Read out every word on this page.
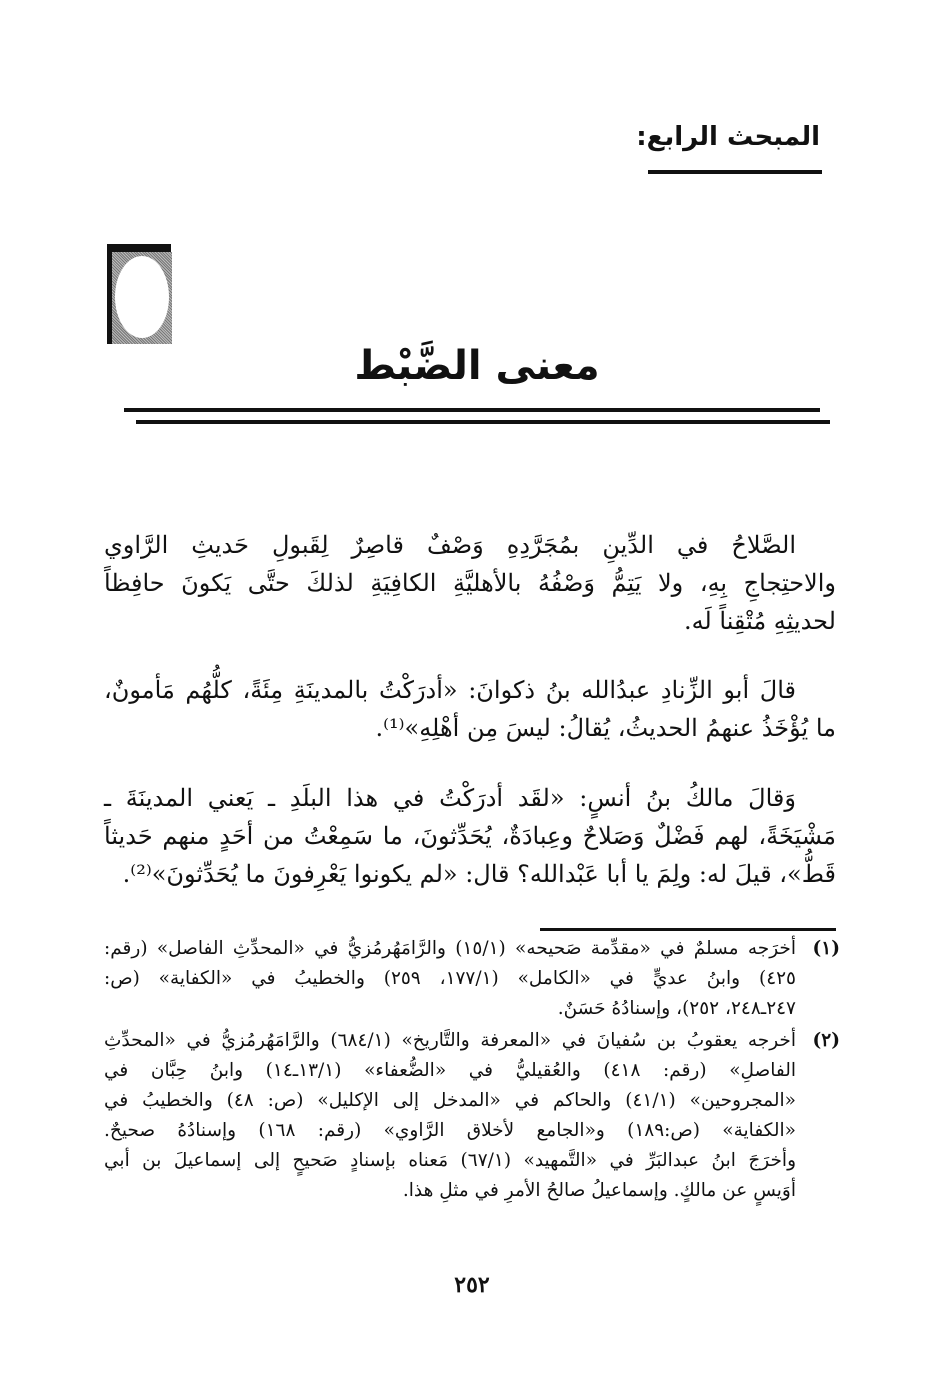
المبحث الرابع:
معنى الضَّبْط
الصَّلاحُ في الدِّينِ بمُجَرَّدِهِ وَصْفٌ قاصِرٌ لِقَبولِ حَديثِ الرَّاوي
والاحتِجاجِ بِهِ، ولا يَتِمُّ وَصْفُهُ بالأهليَّةِ الكافِيَةِ لذلكَ حتَّى يَكونَ حافِظاً
لحديثِهِ مُتْقِناً لَه.
قالَ أبو الزِّنادِ عبدُالله بنُ ذكوانَ: «أدرَكْتُ بالمدينَةِ مِئَةً، كلُّهُم مَأمونٌ،
ما يُؤْخَذُ عنهمُ الحديثُ، يُقالُ: ليسَ مِن أهْلِهِ»⁽¹⁾.
وَقالَ مالكُ بنُ أنسٍ: «لقَد أدرَكْتُ في هذا البلَدِ ـ يَعني المدينَةَ ـ
مَشْيَخَةً، لهم فَضْلٌ وَصَلاحٌ وعِبادَةٌ، يُحَدِّثونَ، ما سَمِعْتُ من أحَدٍ منهم حَديثاً
قَطُّ»، قيلَ له: ولِمَ يا أبا عَبْدالله؟ قال: «لم يكونوا يَعْرِفونَ ما يُحَدِّثونَ»⁽²⁾.
(١)
أخرَجه مسلمٌ في «مقدِّمة صَحيحه» (١٥/١) والرَّامَهُرمُزيُّ في «المحدِّثِ الفاصل» (رقم:
٤٢٥) وابنُ عديٍّ في «الكامل» (١٧٧/١، ٢٥٩) والخطيبُ في «الكفاية» (ص:
٢٤٧ـ٢٤٨، ٢٥٢)، وإسنادُهُ حَسَنٌ.
(٢)
أخرجه يعقوبُ بن سُفيانَ في «المعرفة والتَّاريخ» (٦٨٤/١) والرَّامَهُرمُزيُّ في «المحدِّثِ
الفاصلِ» (رقم: ٤١٨) والعُقيليُّ في «الضُّعفاء» (١٣/١ـ١٤) وابنُ حِبَّان في
«المجروحين» (٤١/١) والحاكم في «المدخل إلى الإكليل» (ص: ٤٨) والخطيبُ في
«الكفاية» (ص:١٨٩) و«الجامع لأخلاق الرَّاوي» (رقم: ١٦٨) وإسنادُهُ صحيحٌ.
وأخرَجَ ابنُ عبدالبَرِّ في «التَّمهيد» (٦٧/١) مَعناه بإسنادٍ صَحيحٍ إلى إسماعيلَ بن أبي
أوَيسٍ عن مالكٍ. وإسماعيلُ صالحُ الأمرِ في مثلِ هذا.
٢٥٢
